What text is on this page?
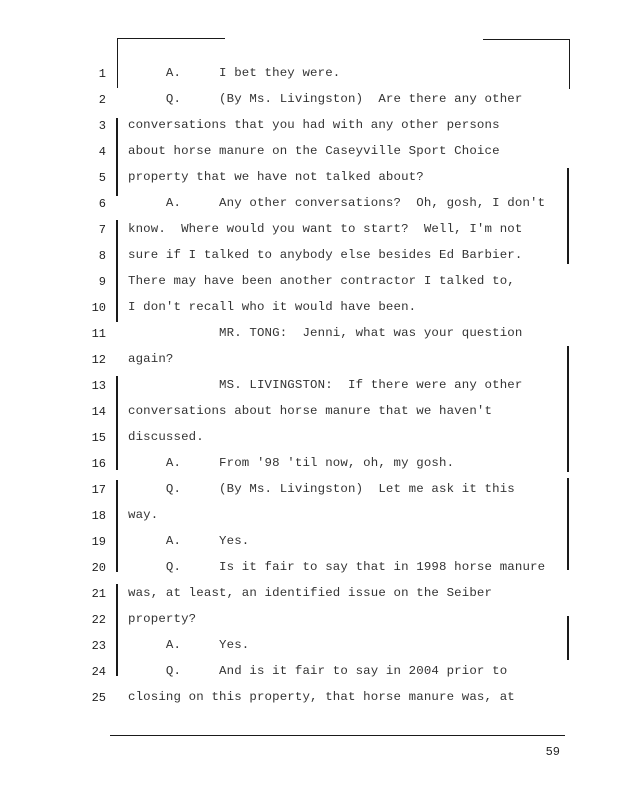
1 A.     I bet they were.
2 Q.     (By Ms. Livingston)  Are there any other
3 conversations that you had with any other persons
4 about horse manure on the Caseyville Sport Choice
5 property that we have not talked about?
6 A.     Any other conversations?  Oh, gosh, I don't
7 know.  Where would you want to start?  Well, I'm not
8 sure if I talked to anybody else besides Ed Barbier.
9 There may have been another contractor I talked to,
10 I don't recall who it would have been.
11 MR. TONG:  Jenni, what was your question
12 again?
13 MS. LIVINGSTON:  If there were any other
14 conversations about horse manure that we haven't
15 discussed.
16 A.     From '98 'til now, oh, my gosh.
17 Q.     (By Ms. Livingston)  Let me ask it this
18 way.
19 A.     Yes.
20 Q.     Is it fair to say that in 1998 horse manure
21 was, at least, an identified issue on the Seiber
22 property?
23 A.     Yes.
24 Q.     And is it fair to say in 2004 prior to
25 closing on this property, that horse manure was, at
59
